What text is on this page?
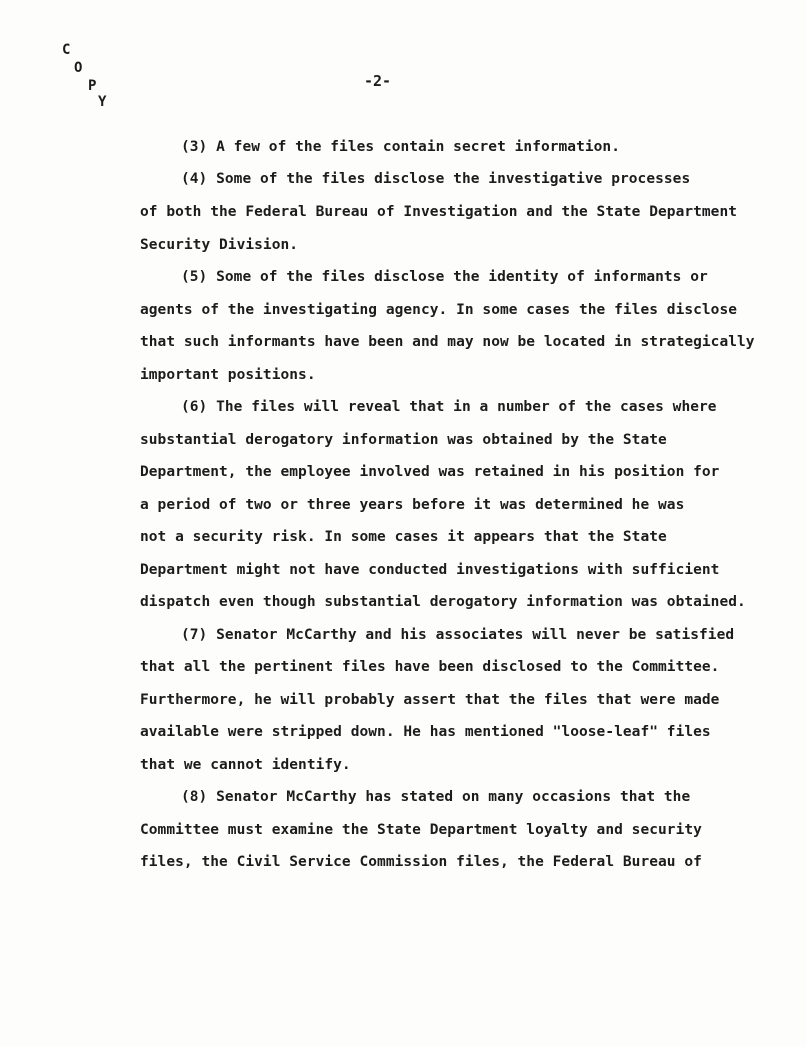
C
O
P
Y
-2-
(3) A few of the files contain secret information.
(4) Some of the files disclose the investigative processes
of both the Federal Bureau of Investigation and the State Department
Security Division.
(5) Some of the files disclose the identity of informants or
agents of the investigating agency. In some cases the files disclose
that such informants have been and may now be located in strategically
important positions.
(6) The files will reveal that in a number of the cases where
substantial derogatory information was obtained by the State
Department, the employee involved was retained in his position for
a period of two or three years before it was determined he was
not a security risk. In some cases it appears that the State
Department might not have conducted investigations with sufficient
dispatch even though substantial derogatory information was obtained.
(7) Senator McCarthy and his associates will never be satisfied
that all the pertinent files have been disclosed to the Committee.
Furthermore, he will probably assert that the files that were made
available were stripped down. He has mentioned "loose-leaf" files
that we cannot identify.
(8) Senator McCarthy has stated on many occasions that the
Committee must examine the State Department loyalty and security
files, the Civil Service Commission files, the Federal Bureau of
